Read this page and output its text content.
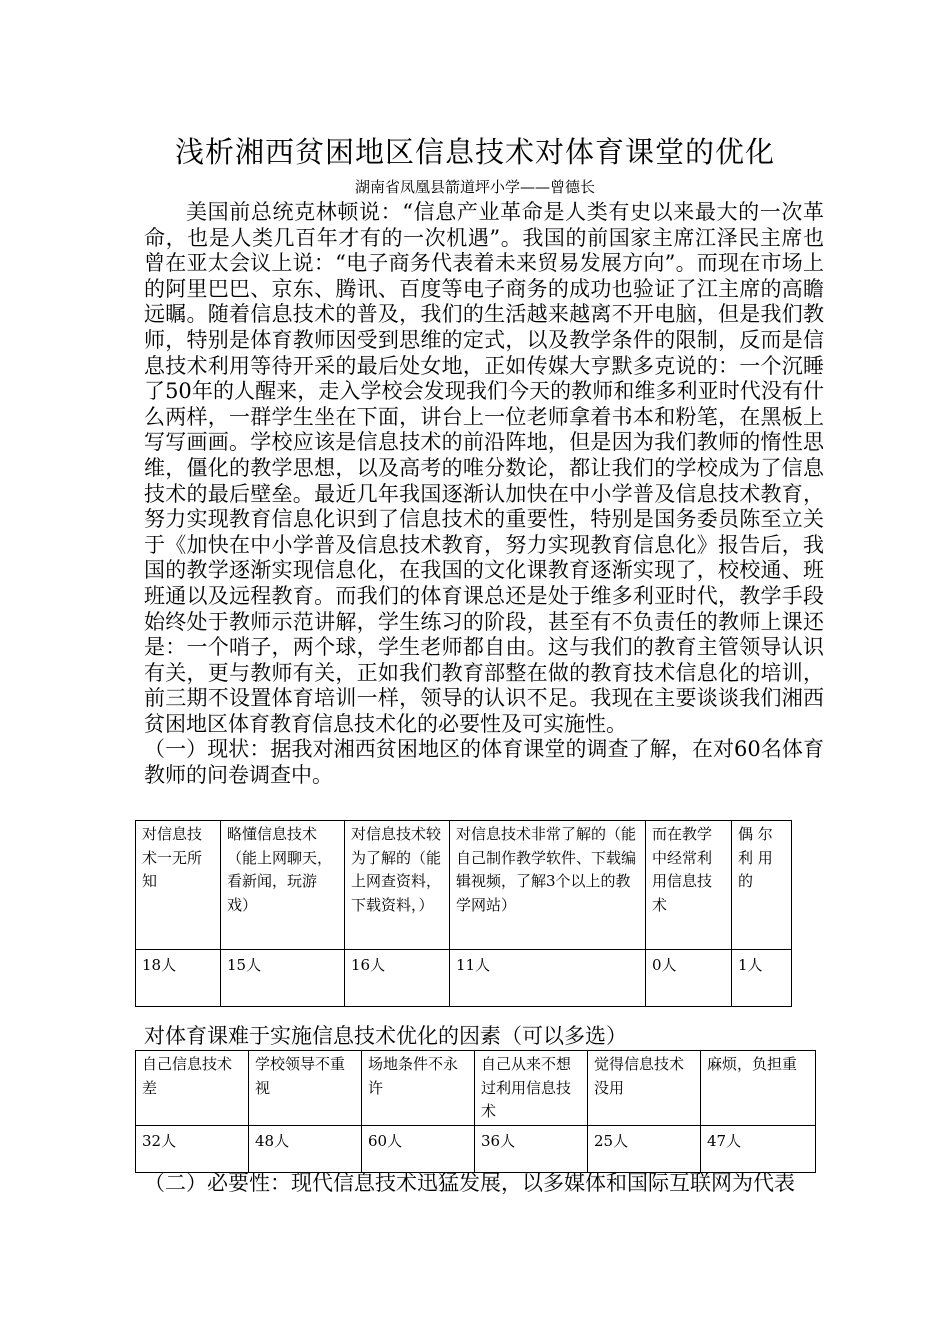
浅析湘西贫困地区信息技术对体育课堂的优化
湖南省凤凰县箭道坪小学——曾德长

美国前总统克林顿说：“信息产业革命是人类有史以来最大的一次革命，也是人类几百年才有的一次机遇”。我国的前国家主席江泽民主席也曾在亚太会议上说：“电子商务代表着未来贸易发展方向”。而现在市场上的阿里巴巴、京东、腾讯、百度等电子商务的成功也验证了江主席的高瞻远瞩。随着信息技术的普及，我们的生活越来越离不开电脑，但是我们教师，特别是体育教师因受到思维的定式，以及教学条件的限制，反而是信息技术利用等待开采的最后处女地，正如传媒大亨默多克说的：一个沉睡了50年的人醒来，走入学校会发现我们今天的教师和维多利亚时代没有什么两样，一群学生坐在下面，讲台上一位老师拿着书本和粉笔，在黑板上写写画画。学校应该是信息技术的前沿阵地，但是因为我们教师的惰性思维，僵化的教学思想，以及高考的唯分数论，都让我们的学校成为了信息技术的最后壁垒。最近几年我国逐渐认加快在中小学普及信息技术教育，努力实现教育信息化识到了信息技术的重要性，特别是国务委员陈至立关于《加快在中小学普及信息技术教育，努力实现教育信息化》报告后，我国的教学逐渐实现信息化，在我国的文化课教育逐渐实现了，校校通、班班通以及远程教育。而我们的体育课总还是处于维多利亚时代，教学手段始终处于教师示范讲解，学生练习的阶段，甚至有不负责任的教师上课还是：一个哨子，两个球，学生老师都自由。这与我们的教育主管领导认识有关，更与教师有关，正如我们教育部整在做的教育技术信息化的培训，前三期不设置体育培训一样，领导的认识不足。我现在主要谈谈我们湘西贫困地区体育教育信息技术化的必要性及可实施性。

（一）现状：据我对湘西贫困地区的体育课堂的调查了解，在对60名体育教师的问卷调查中。

对信息技术一无所知	略懂信息技术（能上网聊天，看新闻，玩游戏）	对信息技术较为了解的（能上网查资料，下载资料，）	对信息技术非常了解的（能自己制作教学软件、下载编辑视频，了解3个以上的教学网站）	而在教学中经常利用信息技术	偶 尔 利 用的
18人	15人	16人	11人	0人	1人
对体育课难于实施信息技术优化的因素（可以多选）
自己信息技术差	学校领导不重视	场地条件不永许	自己从来不想过利用信息技术	觉得信息技术没用	麻烦，负担重
32人	48人	60人	36人	25人	47人
（二）必要性：现代信息技术迅猛发展，以多媒体和国际互联网为代表
